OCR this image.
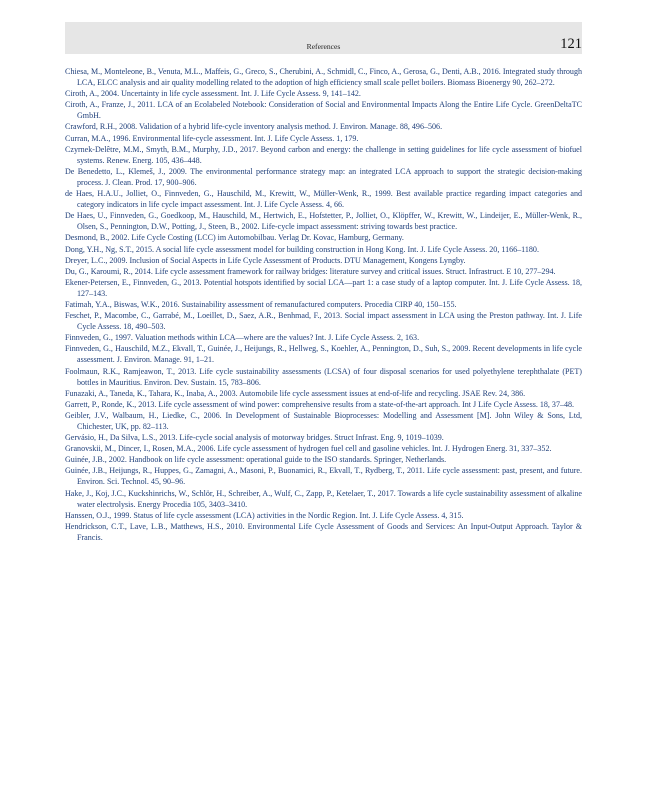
References	121

Chiesa, M., Monteleone, B., Venuta, M.L., Maffeis, G., Greco, S., Cherubini, A., Schmidl, C., Finco, A., Gerosa, G., Denti, A.B., 2016. Integrated study through LCA, ELCC analysis and air quality modelling related to the adoption of high efficiency small scale pellet boilers. Biomass Bioenergy 90, 262–272.

Ciroth, A., 2004. Uncertainty in life cycle assessment. Int. J. Life Cycle Assess. 9, 141–142.

Ciroth, A., Franze, J., 2011. LCA of an Ecolabeled Notebook: Consideration of Social and Environmental Impacts Along the Entire Life Cycle. GreenDeltaTC GmbH.

Crawford, R.H., 2008. Validation of a hybrid life-cycle inventory analysis method. J. Environ. Manage. 88, 496–506.

Curran, M.A., 1996. Environmental life-cycle assessment. Int. J. Life Cycle Assess. 1, 179.

Czyrnek-Delêtre, M.M., Smyth, B.M., Murphy, J.D., 2017. Beyond carbon and energy: the challenge in setting guidelines for life cycle assessment of biofuel systems. Renew. Energ. 105, 436–448.

De Benedetto, L., Klemeš, J., 2009. The environmental performance strategy map: an integrated LCA approach to support the strategic decision-making process. J. Clean. Prod. 17, 900–906.

de Haes, H.A.U., Jolliet, O., Finnveden, G., Hauschild, M., Krewitt, W., Müller-Wenk, R., 1999. Best available practice regarding impact categories and category indicators in life cycle impact assessment. Int. J. Life Cycle Assess. 4, 66.

De Haes, U., Finnveden, G., Goedkoop, M., Hauschild, M., Hertwich, E., Hofstetter, P., Jolliet, O., Klöpffer, W., Krewitt, W., Lindeijer, E., Müller-Wenk, R., Olsen, S., Pennington, D.W., Potting, J., Steen, B., 2002. Life-cycle impact assessment: striving towards best practice.

Desmond, B., 2002. Life Cycle Costing (LCC) im Automobilbau. Verlag Dr. Kovac, Hamburg, Germany.

Dong, Y.H., Ng, S.T., 2015. A social life cycle assessment model for building construction in Hong Kong. Int. J. Life Cycle Assess. 20, 1166–1180.

Dreyer, L.C., 2009. Inclusion of Social Aspects in Life Cycle Assessment of Products. DTU Management, Kongens Lyngby.

Du, G., Karoumi, R., 2014. Life cycle assessment framework for railway bridges: literature survey and critical issues. Struct. Infrastruct. E 10, 277–294.

Ekener-Petersen, E., Finnveden, G., 2013. Potential hotspots identified by social LCA—part 1: a case study of a laptop computer. Int. J. Life Cycle Assess. 18, 127–143.

Fatimah, Y.A., Biswas, W.K., 2016. Sustainability assessment of remanufactured computers. Procedia CIRP 40, 150–155.

Feschet, P., Macombe, C., Garrabé, M., Loeillet, D., Saez, A.R., Benhmad, F., 2013. Social impact assessment in LCA using the Preston pathway. Int. J. Life Cycle Assess. 18, 490–503.

Finnveden, G., 1997. Valuation methods within LCA—where are the values? Int. J. Life Cycle Assess. 2, 163.

Finnveden, G., Hauschild, M.Z., Ekvall, T., Guinée, J., Heijungs, R., Hellweg, S., Koehler, A., Pennington, D., Suh, S., 2009. Recent developments in life cycle assessment. J. Environ. Manage. 91, 1–21.

Foolmaun, R.K., Ramjeawon, T., 2013. Life cycle sustainability assessments (LCSA) of four disposal scenarios for used polyethylene terephthalate (PET) bottles in Mauritius. Environ. Dev. Sustain. 15, 783–806.

Funazaki, A., Taneda, K., Tahara, K., Inaba, A., 2003. Automobile life cycle assessment issues at end-of-life and recycling. JSAE Rev. 24, 386.

Garrett, P., Ronde, K., 2013. Life cycle assessment of wind power: comprehensive results from a state-of-the-art approach. Int J Life Cycle Assess. 18, 37–48.

Geibler, J.V., Walbaum, H., Liedke, C., 2006. In Development of Sustainable Bioprocesses: Modelling and Assessment [M]. John Wiley & Sons, Ltd, Chichester, UK, pp. 82–113.

Gervásio, H., Da Silva, L.S., 2013. Life-cycle social analysis of motorway bridges. Struct Infrast. Eng. 9, 1019–1039.

Granovskii, M., Dincer, I., Rosen, M.A., 2006. Life cycle assessment of hydrogen fuel cell and gasoline vehicles. Int. J. Hydrogen Energ. 31, 337–352.

Guinée, J.B., 2002. Handbook on life cycle assessment: operational guide to the ISO standards. Springer, Netherlands.

Guinée, J.B., Heijungs, R., Huppes, G., Zamagni, A., Masoni, P., Buonamici, R., Ekvall, T., Rydberg, T., 2011. Life cycle assessment: past, present, and future. Environ. Sci. Technol. 45, 90–96.

Hake, J., Koj, J.C., Kuckshinrichs, W., Schlör, H., Schreiber, A., Wulf, C., Zapp, P., Ketelaer, T., 2017. Towards a life cycle sustainability assessment of alkaline water electrolysis. Energy Procedia 105, 3403–3410.

Hanssen, O.J., 1999. Status of life cycle assessment (LCA) activities in the Nordic Region. Int. J. Life Cycle Assess. 4, 315.

Hendrickson, C.T., Lave, L.B., Matthews, H.S., 2010. Environmental Life Cycle Assessment of Goods and Services: An Input-Output Approach. Taylor & Francis.
